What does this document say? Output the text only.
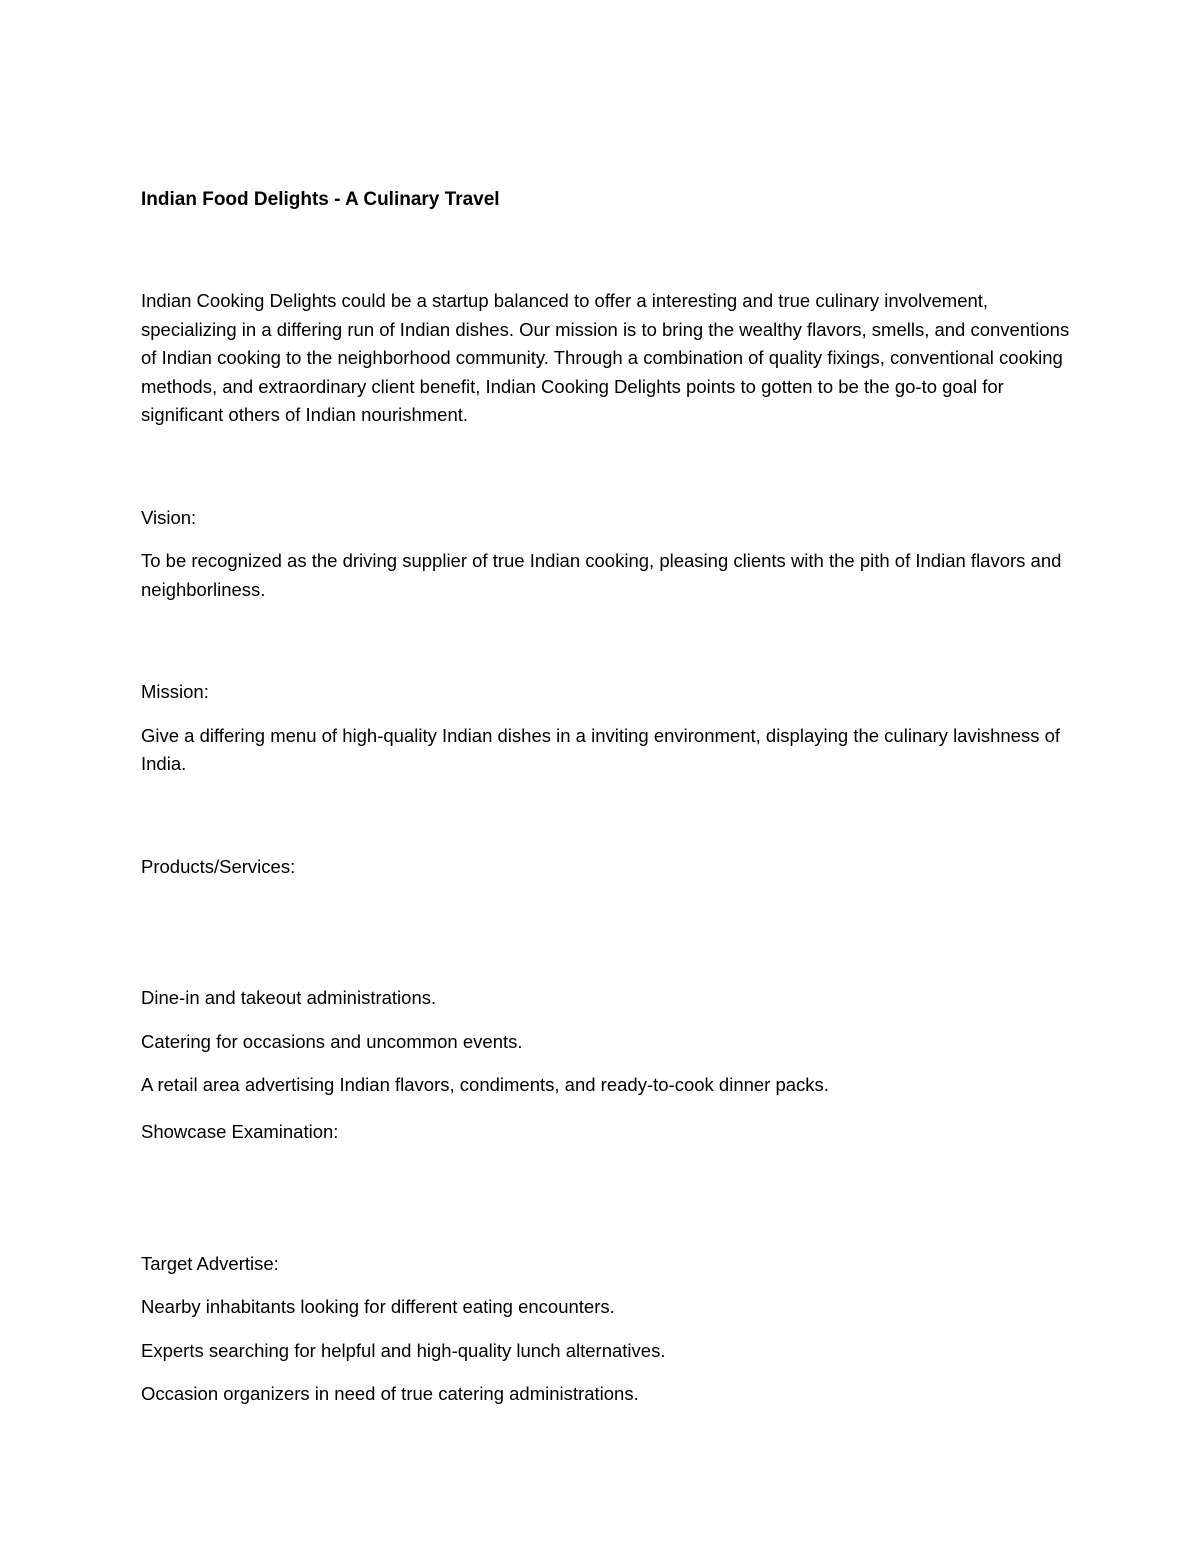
Indian Food Delights - A Culinary Travel

Indian Cooking Delights could be a startup balanced to offer a interesting and true culinary involvement, specializing in a differing run of Indian dishes. Our mission is to bring the wealthy flavors, smells, and conventions of Indian cooking to the neighborhood community. Through a combination of quality fixings, conventional cooking methods, and extraordinary client benefit, Indian Cooking Delights points to gotten to be the go-to goal for significant others of Indian nourishment.

Vision:

To be recognized as the driving supplier of true Indian cooking, pleasing clients with the pith of Indian flavors and neighborliness.

Mission:

Give a differing menu of high-quality Indian dishes in a inviting environment, displaying the culinary lavishness of India.

Products/Services:

Dine-in and takeout administrations.
Catering for occasions and uncommon events.
A retail area advertising Indian flavors, condiments, and ready-to-cook dinner packs.

Showcase Examination:

Target Advertise:

Nearby inhabitants looking for different eating encounters.
Experts searching for helpful and high-quality lunch alternatives.
Occasion organizers in need of true catering administrations.
